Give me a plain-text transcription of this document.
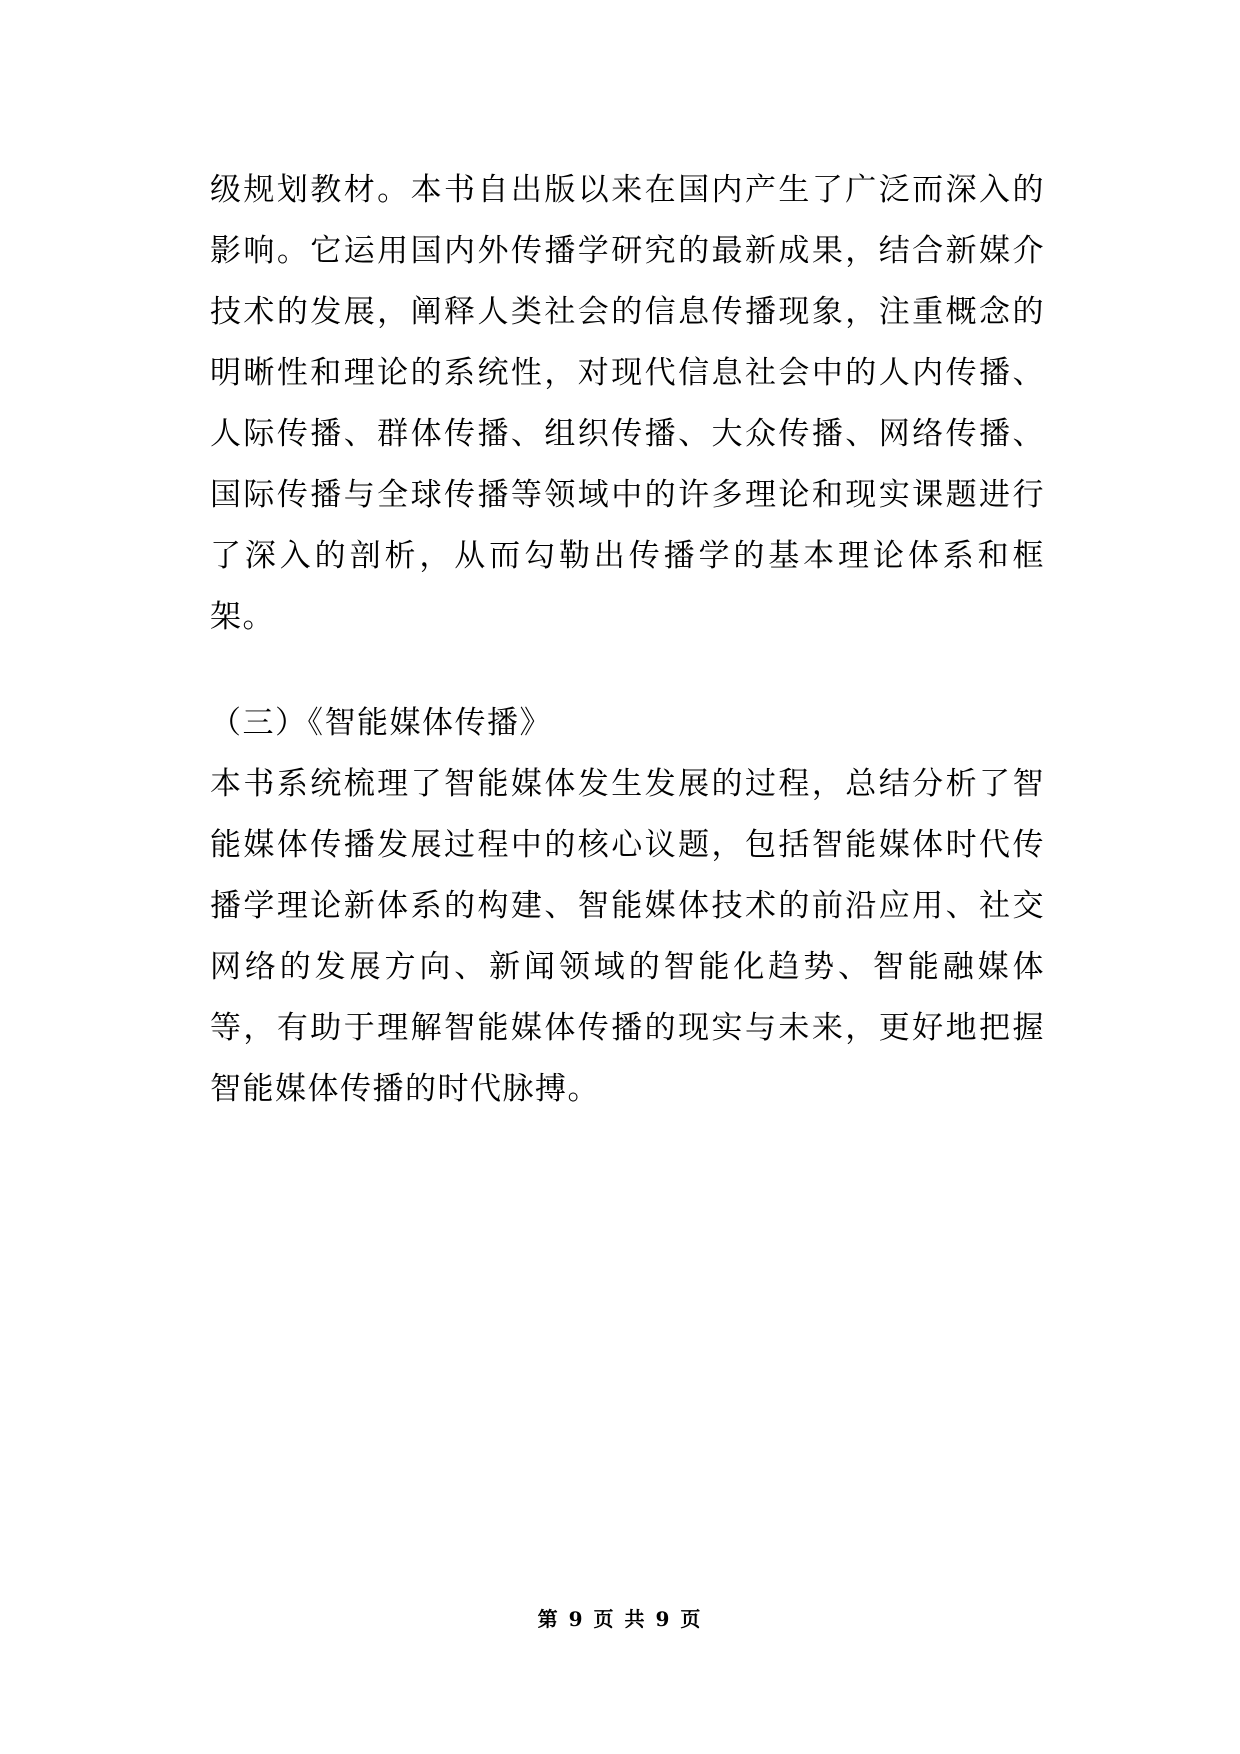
级规划教材。本书自出版以来在国内产生了广泛而深入的影响。它运用国内外传播学研究的最新成果，结合新媒介技术的发展，阐释人类社会的信息传播现象，注重概念的明晰性和理论的系统性，对现代信息社会中的人内传播、人际传播、群体传播、组织传播、大众传播、网络传播、国际传播与全球传播等领域中的许多理论和现实课题进行了深入的剖析，从而勾勒出传播学的基本理论体系和框架。

（三）《智能媒体传播》

本书系统梳理了智能媒体发生发展的过程，总结分析了智能媒体传播发展过程中的核心议题，包括智能媒体时代传播学理论新体系的构建、智能媒体技术的前沿应用、社交网络的发展方向、新闻领域的智能化趋势、智能融媒体等，有助于理解智能媒体传播的现实与未来，更好地把握智能媒体传播的时代脉搏。

第 9 页 共 9 页
